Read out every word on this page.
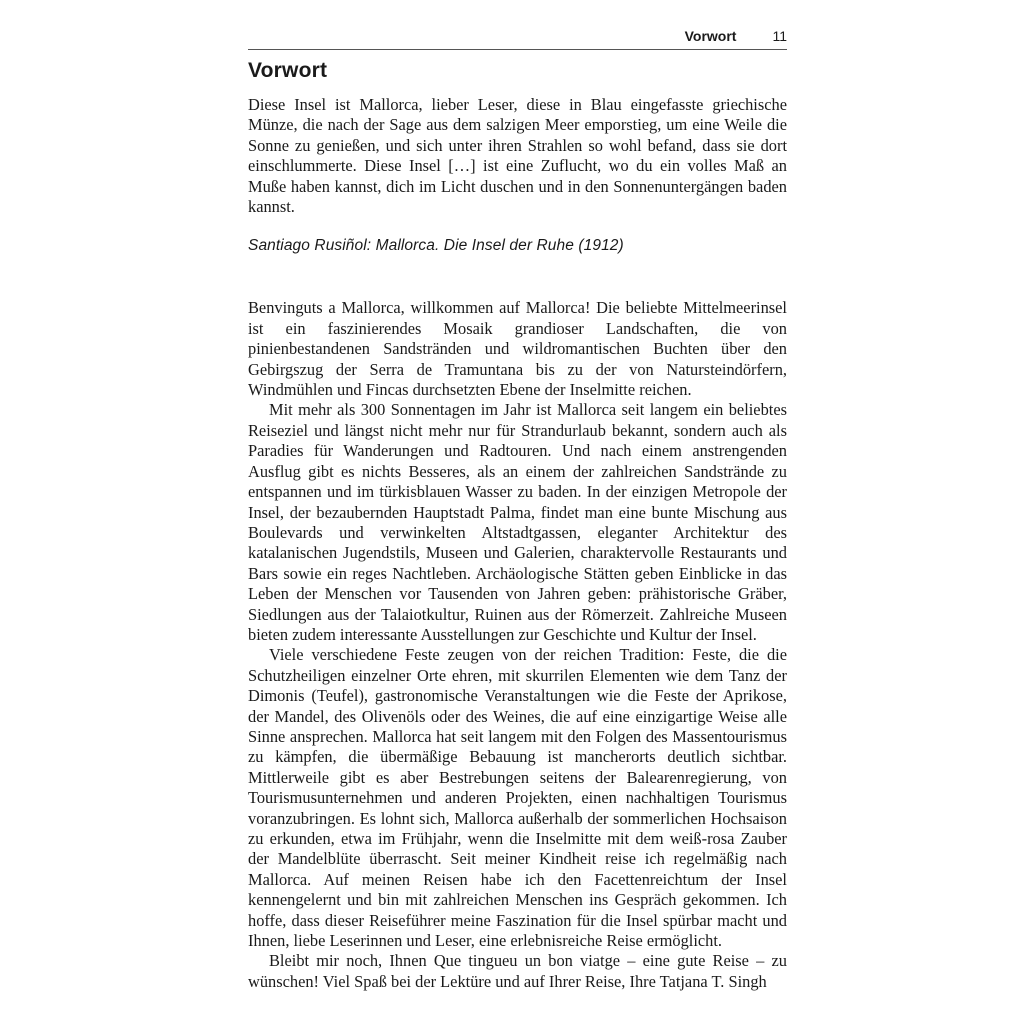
Vorwort	11
Vorwort

Diese Insel ist Mallorca, lieber Leser, diese in Blau eingefasste griechische Münze, die nach der Sage aus dem salzigen Meer emporstieg, um eine Weile die Sonne zu genießen, und sich unter ihren Strahlen so wohl befand, dass sie dort einschlummerte. Diese Insel […] ist eine Zuflucht, wo du ein volles Maß an Muße haben kannst, dich im Licht duschen und in den Sonnenuntergängen baden kannst.

Santiago Rusiñol: Mallorca. Die Insel der Ruhe (1912)

Benvinguts a Mallorca, willkommen auf Mallorca! Die beliebte Mittelmeerinsel ist ein faszinierendes Mosaik grandioser Landschaften, die von pinienbestandenen Sandstränden und wildromantischen Buchten über den Gebirgszug der Serra de Tramuntana bis zu der von Natursteindörfern, Windmühlen und Fincas durchsetzten Ebene der Inselmitte reichen.

Mit mehr als 300 Sonnentagen im Jahr ist Mallorca seit langem ein beliebtes Reiseziel und längst nicht mehr nur für Strandurlaub bekannt, sondern auch als Paradies für Wanderungen und Radtouren. Und nach einem anstrengenden Ausflug gibt es nichts Besseres, als an einem der zahlreichen Sandstrände zu entspannen und im türkisblauen Wasser zu baden. In der einzigen Metropole der Insel, der bezaubernden Hauptstadt Palma, findet man eine bunte Mischung aus Boulevards und verwinkelten Altstadtgassen, eleganter Architektur des katalanischen Jugendstils, Museen und Galerien, charaktervolle Restaurants und Bars sowie ein reges Nachtleben. Archäologische Stätten geben Einblicke in das Leben der Menschen vor Tausenden von Jahren geben: prähistorische Gräber, Siedlungen aus der Talaiotkultur, Ruinen aus der Römerzeit. Zahlreiche Museen bieten zudem interessante Ausstellungen zur Geschichte und Kultur der Insel.

Viele verschiedene Feste zeugen von der reichen Tradition: Feste, die die Schutzheiligen einzelner Orte ehren, mit skurrilen Elementen wie dem Tanz der Dimonis (Teufel), gastronomische Veranstaltungen wie die Feste der Aprikose, der Mandel, des Olivenöls oder des Weines, die auf eine einzigartige Weise alle Sinne ansprechen. Mallorca hat seit langem mit den Folgen des Massentourismus zu kämpfen, die übermäßige Bebauung ist mancherorts deutlich sichtbar. Mittlerweile gibt es aber Bestrebungen seitens der Balearenregierung, von Tourismusunternehmen und anderen Projekten, einen nachhaltigen Tourismus voranzubringen. Es lohnt sich, Mallorca außerhalb der sommerlichen Hochsaison zu erkunden, etwa im Frühjahr, wenn die Inselmitte mit dem weiß-rosa Zauber der Mandelblüte überrascht. Seit meiner Kindheit reise ich regelmäßig nach Mallorca. Auf meinen Reisen habe ich den Facettenreichtum der Insel kennengelernt und bin mit zahlreichen Menschen ins Gespräch gekommen. Ich hoffe, dass dieser Reiseführer meine Faszination für die Insel spürbar macht und Ihnen, liebe Leserinnen und Leser, eine erlebnisreiche Reise ermöglicht.

Bleibt mir noch, Ihnen Que tingueu un bon viatge – eine gute Reise – zu wünschen! Viel Spaß bei der Lektüre und auf Ihrer Reise, Ihre Tatjana T. Singh
